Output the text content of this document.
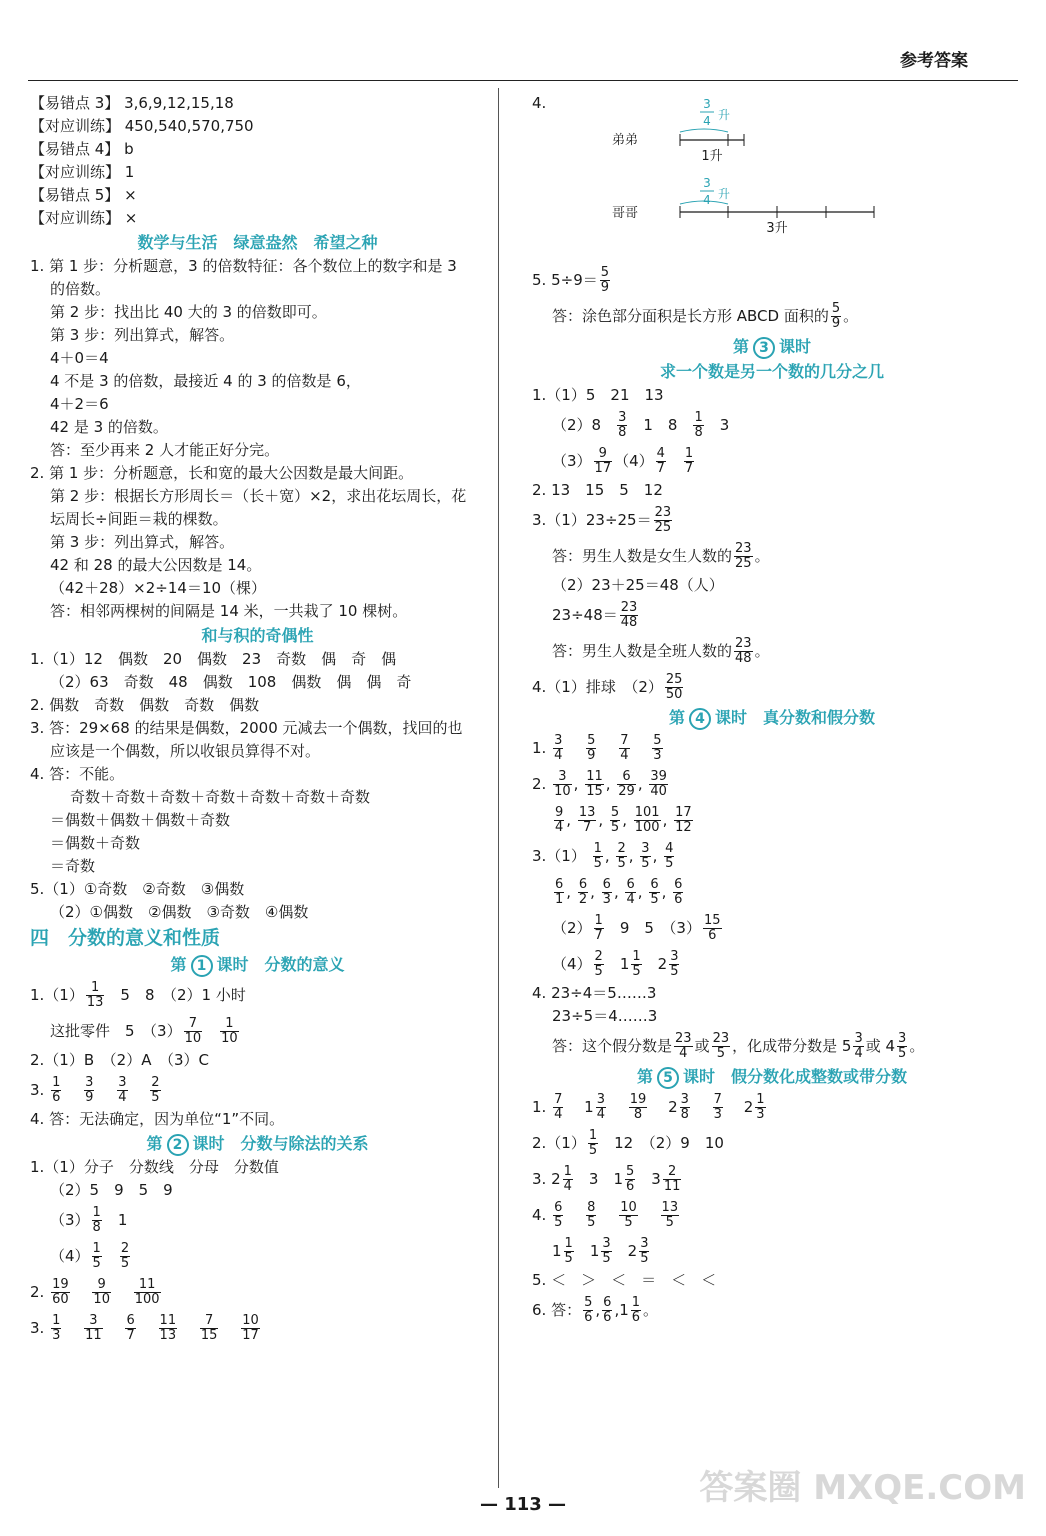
参考答案
【易错点 3】 3,6,9,12,15,18
【对应训练】 450,540,570,750
【易错点 4】 b
【对应训练】 1
【易错点 5】 ×
【对应训练】 ×
数学与生活　绿意盎然　希望之种
1. 第 1 步：分析题意，3 的倍数特征：各个数位上的数字和是 3
的倍数。
第 2 步：找出比 40 大的 3 的倍数即可。
第 3 步：列出算式，解答。
4＋0＝4
4 不是 3 的倍数，最接近 4 的 3 的倍数是 6，
4＋2＝6
42 是 3 的倍数。
答：至少再来 2 人才能正好分完。
2. 第 1 步：分析题意，长和宽的最大公因数是最大间距。
第 2 步：根据长方形周长＝（长＋宽）×2，求出花坛周长，花
坛周长÷间距＝栽的棵数。
第 3 步：列出算式，解答。
42 和 28 的最大公因数是 14。
（42＋28）×2÷14＝10（棵）
答：相邻两棵树的间隔是 14 米，一共栽了 10 棵树。
和与积的奇偶性
1.（1）12　偶数　20　偶数　23　奇数　偶　奇　偶
（2）63　奇数　48　偶数　108　偶数　偶　偶　奇
2. 偶数　奇数　偶数　奇数　偶数
3. 答：29×68 的结果是偶数，2000 元减去一个偶数，找回的也
应该是一个偶数，所以收银员算得不对。
4. 答：不能。
奇数＋奇数＋奇数＋奇数＋奇数＋奇数＋奇数
＝偶数＋偶数＋偶数＋奇数
＝偶数＋奇数
＝奇数
5.（1）①奇数　②奇数　③偶数
（2）①偶数　②偶数　③奇数　④偶数
四　分数的意义和性质
第 1 课时　分数的意义
$1.(1) \frac{1}{13} 5$　8　（2）1 小时
这批零件　5　$(3) \frac{7}{10} \frac{1}{10}$
2.（1）B　（2）A　（3）C
3. $\frac{1}{6}$
$\frac{3}{9}$
$\frac{3}{4}$
$\frac{2}{5}$
4. 答：无法确定，因为单位“1”不同。
第 2 课时　分数与除法的关系
1.（1）分子　分数线　分母　分数值
（2）5　9　5　9
$(3) \frac{1}{8} 1$
$(4) \frac{1}{5} \frac{2}{5}$
2. $\frac{19}{60}$
$\frac{9}{10}$
$\frac{11}{100}$
3. $\frac{1}{3}$
$\frac{3}{11}$
$\frac{6}{7}$
$\frac{11}{13}$
$\frac{7}{15}$
$\frac{10}{17}$
4.	3
4 升
弟弟
1升
3
4 升
哥哥
3升
5. $5\div 9= \frac{5}{9}$
答：涂色部分面积是长方形 ABCD 面积的 $\frac{5}{9}$ 。
第 3 课时
求一个数是另一个数的几分之几
1.（1）5　21　13
$(2)8 \frac{3}{8} 1$　$8 \frac{1}{8} 3$
$(3) \frac{9}{17} (4) \frac{4}{7} \frac{1}{7}$
2. 13　15　5　12
$3.(1)23\div 25= \frac{23}{25}$
答：男生人数是女生人数的 $\frac{23}{25}$ 。
（2）23＋25＝48（人）
$23\div 48= \frac{23}{48}$
答：男生人数是全班人数的 $\frac{23}{48}$ 。
4.（1）排球　$(2) \frac{25}{50}$
第 4 课时　真分数和假分数
1. $\frac{3}{4}$
$\frac{5}{9}$
$\frac{7}{4}$
$\frac{5}{3}$
2. $\frac{3}{10}$ , $\frac{11}{15}$ , $\frac{6}{29}$ , $\frac{39}{40}$
$\frac{9}{4}$ , $\frac{13}{7}$ , $\frac{5}{5}$ , $\frac{101}{100}$ , $\frac{17}{12}$
$3.(1) \frac{1}{5}$ , $\frac{2}{5}$ , $\frac{3}{5}$ , $\frac{4}{5}$
$\frac{6}{1}$ , $\frac{6}{2}$ , $\frac{6}{3}$ , $\frac{6}{4}$ , $\frac{6}{5}$ , $\frac{6}{6}$
$(2) \frac{1}{7} 9$　5　$(3) \frac{15}{6}$
$(4) \frac{2}{5} 1 \frac{1}{5} 2 \frac{3}{5}$
4. 23÷4＝5……3
23÷5＝4……3
答：这个假分数是 $\frac{23}{4}$ 或 $\frac{23}{5}$ ，化成带分数是 $5 \frac{3}{4}$ 或 $4 \frac{3}{5}$ 。
第 5 课时　假分数化成整数或带分数
1. $\frac{7}{4} 1 \frac{3}{4}$
$\frac{19}{8} 2 \frac{3}{8}$
$\frac{7}{3} 2 \frac{1}{3}$
$2.(1) \frac{1}{5} 12$　（2）9　10
3. $2 \frac{1}{4} 3$　$1 \frac{5}{6} 3 \frac{2}{11}$
4. $\frac{6}{5}$
$\frac{8}{5}$
$\frac{10}{5}$
$\frac{13}{5}$
$1 \frac{1}{5} 1 \frac{3}{5} 2 \frac{3}{5}$
5. ＜　＞　＜　＝　＜　＜
6. 答： $\frac{5}{6}$ , $\frac{6}{6} ,1 \frac{1}{6}$ 。
— 113 —	答案圈 MXQE.COM
